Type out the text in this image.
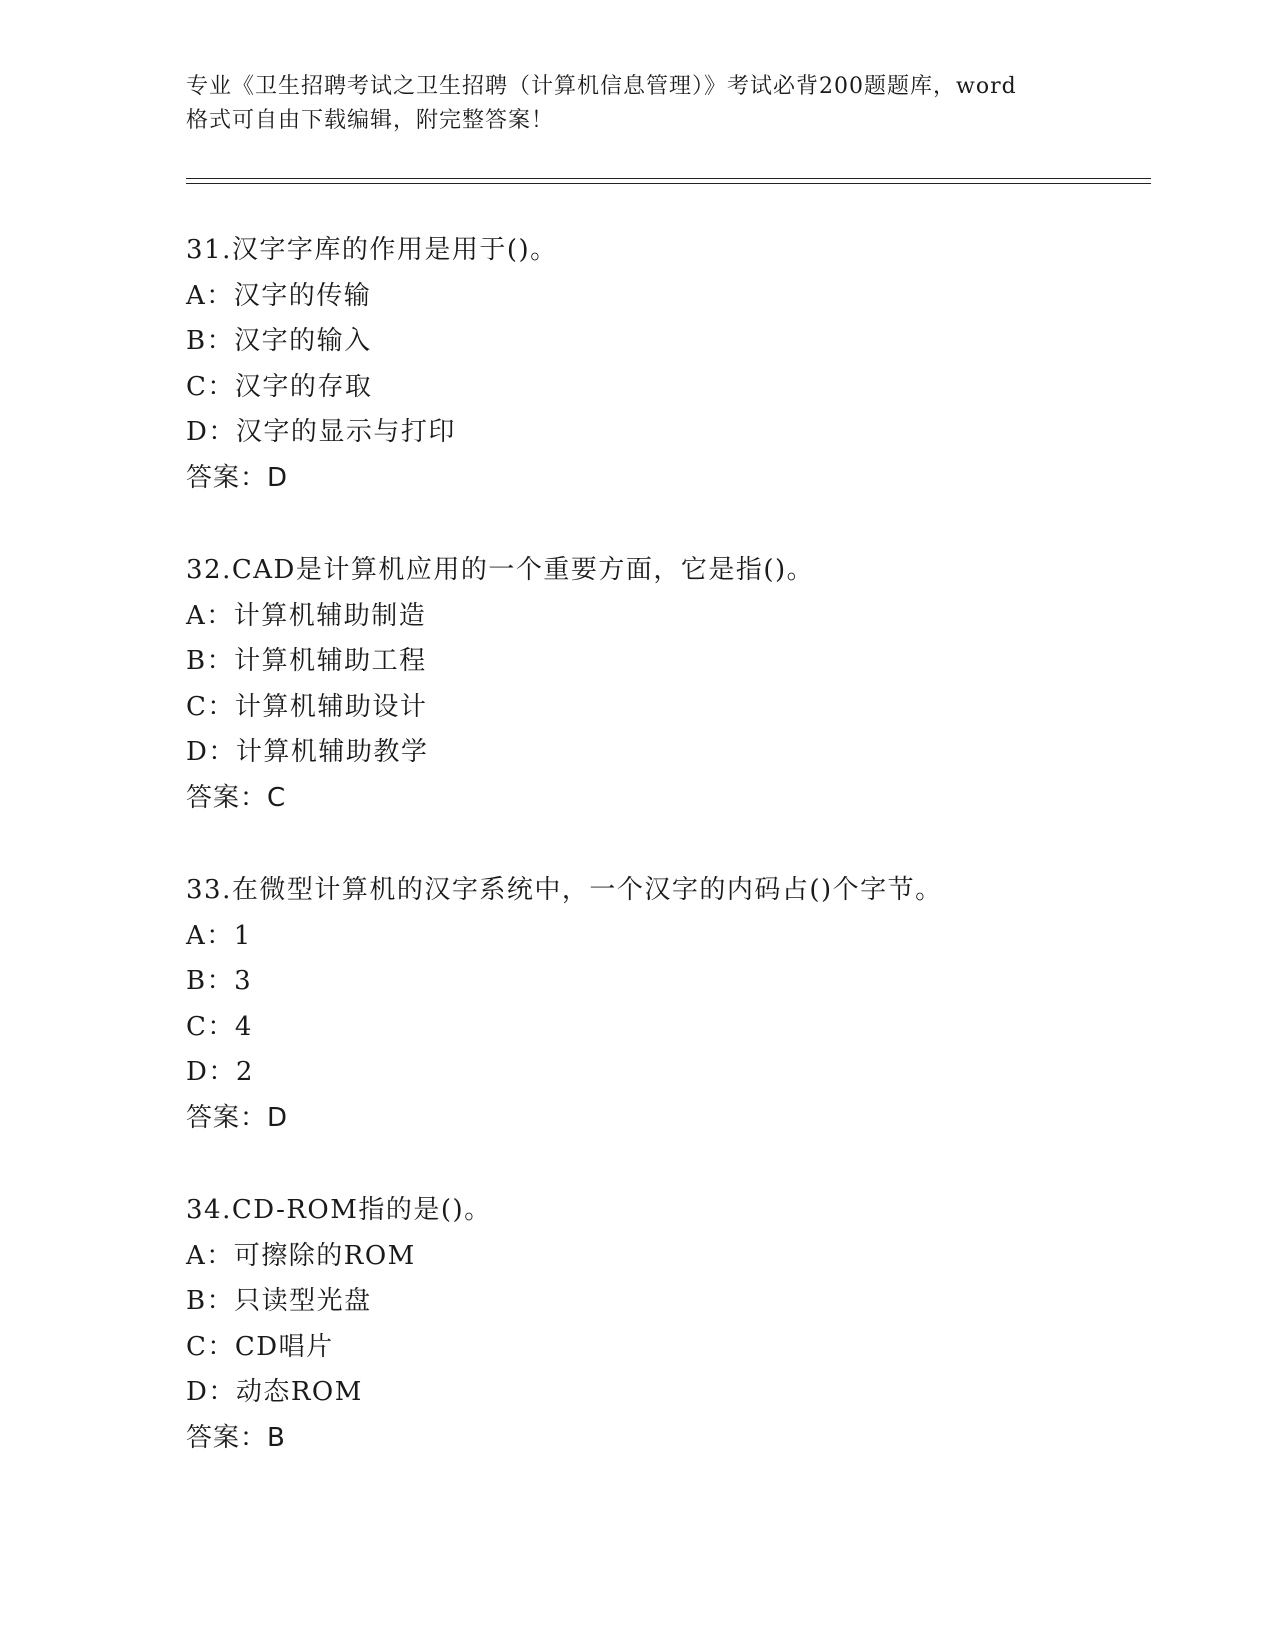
专业《卫生招聘考试之卫生招聘（计算机信息管理）》考试必背200题题库，word
格式可自由下载编辑，附完整答案！
31.汉字字库的作用是用于()。
A：汉字的传输
B：汉字的输入
C：汉字的存取
D：汉字的显示与打印
答案：D
32.CAD是计算机应用的一个重要方面，它是指()。
A：计算机辅助制造
B：计算机辅助工程
C：计算机辅助设计
D：计算机辅助教学
答案：C
33.在微型计算机的汉字系统中，一个汉字的内码占()个字节。
A：1
B：3
C：4
D：2
答案：D
34.CD-ROM指的是()。
A：可擦除的ROM
B：只读型光盘
C：CD唱片
D：动态ROM
答案：B
